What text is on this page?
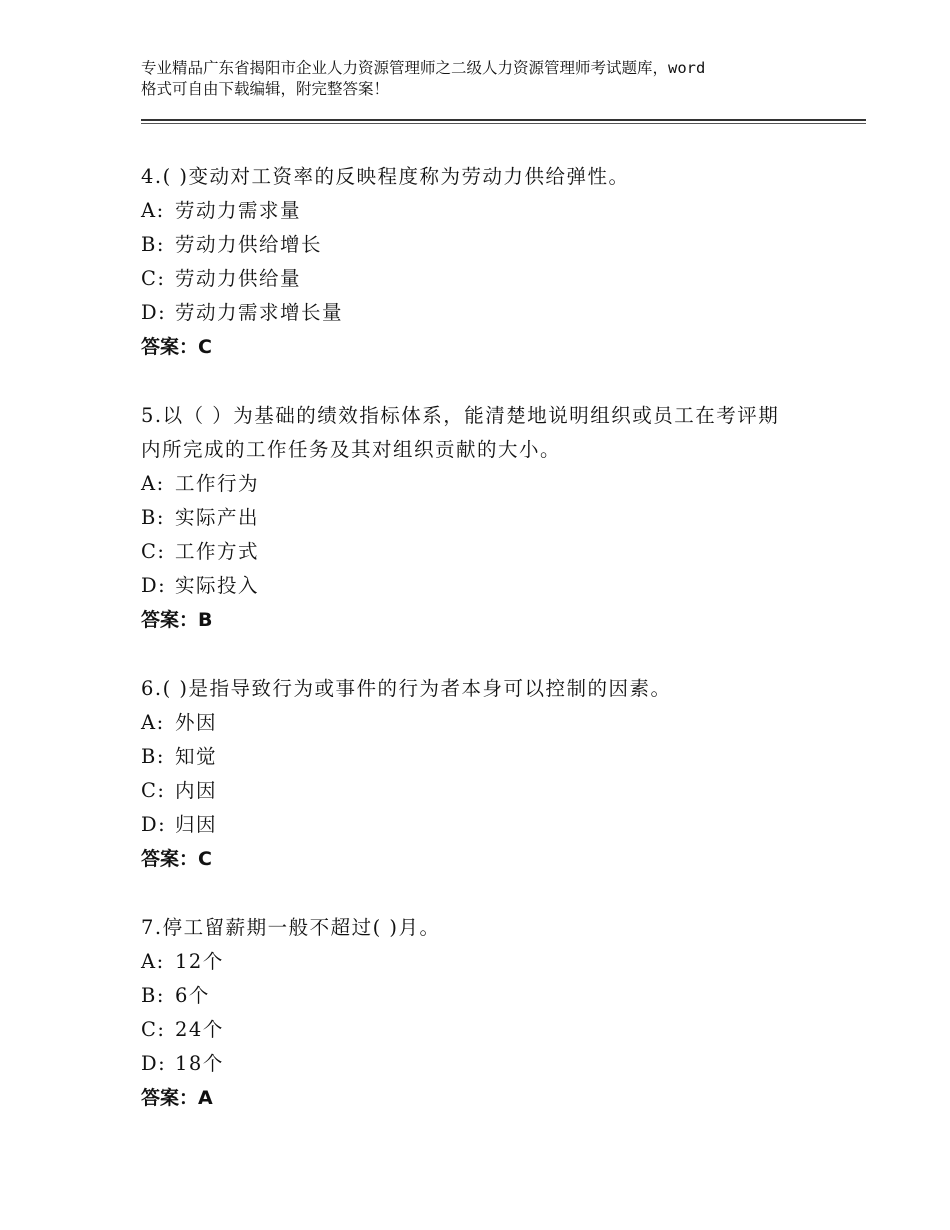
专业精品广东省揭阳市企业人力资源管理师之二级人力资源管理师考试题库，word
格式可自由下载编辑，附完整答案！
4.( )变动对工资率的反映程度称为劳动力供给弹性。
A: 劳动力需求量
B: 劳动力供给增长
C: 劳动力供给量
D: 劳动力需求增长量
答案：C
5.以（ ）为基础的绩效指标体系，能清楚地说明组织或员工在考评期
内所完成的工作任务及其对组织贡献的大小。
A: 工作行为
B: 实际产出
C: 工作方式
D: 实际投入
答案：B
6.( )是指导致行为或事件的行为者本身可以控制的因素。
A: 外因
B: 知觉
C: 内因
D: 归因
答案：C
7.停工留薪期一般不超过( )月。
A: 12个
B: 6个
C: 24个
D: 18个
答案：A
